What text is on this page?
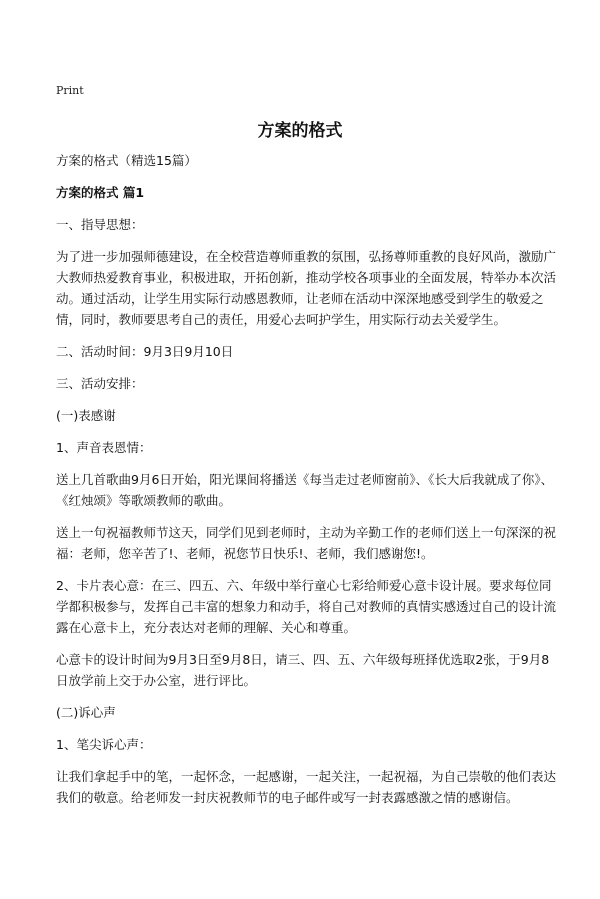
Print
方案的格式

方案的格式（精选15篇）

方案的格式 篇1

一、指导思想：

为了进一步加强师德建设，在全校营造尊师重教的氛围，弘扬尊师重教的良好风尚，激励广大教师热爱教育事业，积极进取，开拓创新，推动学校各项事业的全面发展，特举办本次活动。通过活动，让学生用实际行动感恩教师，让老师在活动中深深地感受到学生的敬爱之情，同时，教师要思考自己的责任，用爱心去呵护学生，用实际行动去关爱学生。

二、活动时间：9月3日9月10日

三、活动安排：

(一)表感谢

1、声音表恩情：

送上几首歌曲9月6日开始，阳光课间将播送《每当走过老师窗前》、《长大后我就成了你》、《红烛颂》等歌颂教师的歌曲。

送上一句祝福教师节这天，同学们见到老师时，主动为辛勤工作的老师们送上一句深深的祝福：老师，您辛苦了!、老师，祝您节日快乐!、老师，我们感谢您!。

2、卡片表心意：在三、四五、六、年级中举行童心七彩给师爱心意卡设计展。要求每位同学都积极参与，发挥自己丰富的想象力和动手，将自己对教师的真情实感透过自己的设计流露在心意卡上，充分表达对老师的理解、关心和尊重。

心意卡的设计时间为9月3日至9月8日，请三、四、五、六年级每班择优选取2张，于9月8日放学前上交于办公室，进行评比。

(二)诉心声

1、笔尖诉心声：

让我们拿起手中的笔，一起怀念，一起感谢，一起关注，一起祝福，为自己崇敬的他们表达我们的敬意。给老师发一封庆祝教师节的电子邮件或写一封表露感激之情的感谢信。
